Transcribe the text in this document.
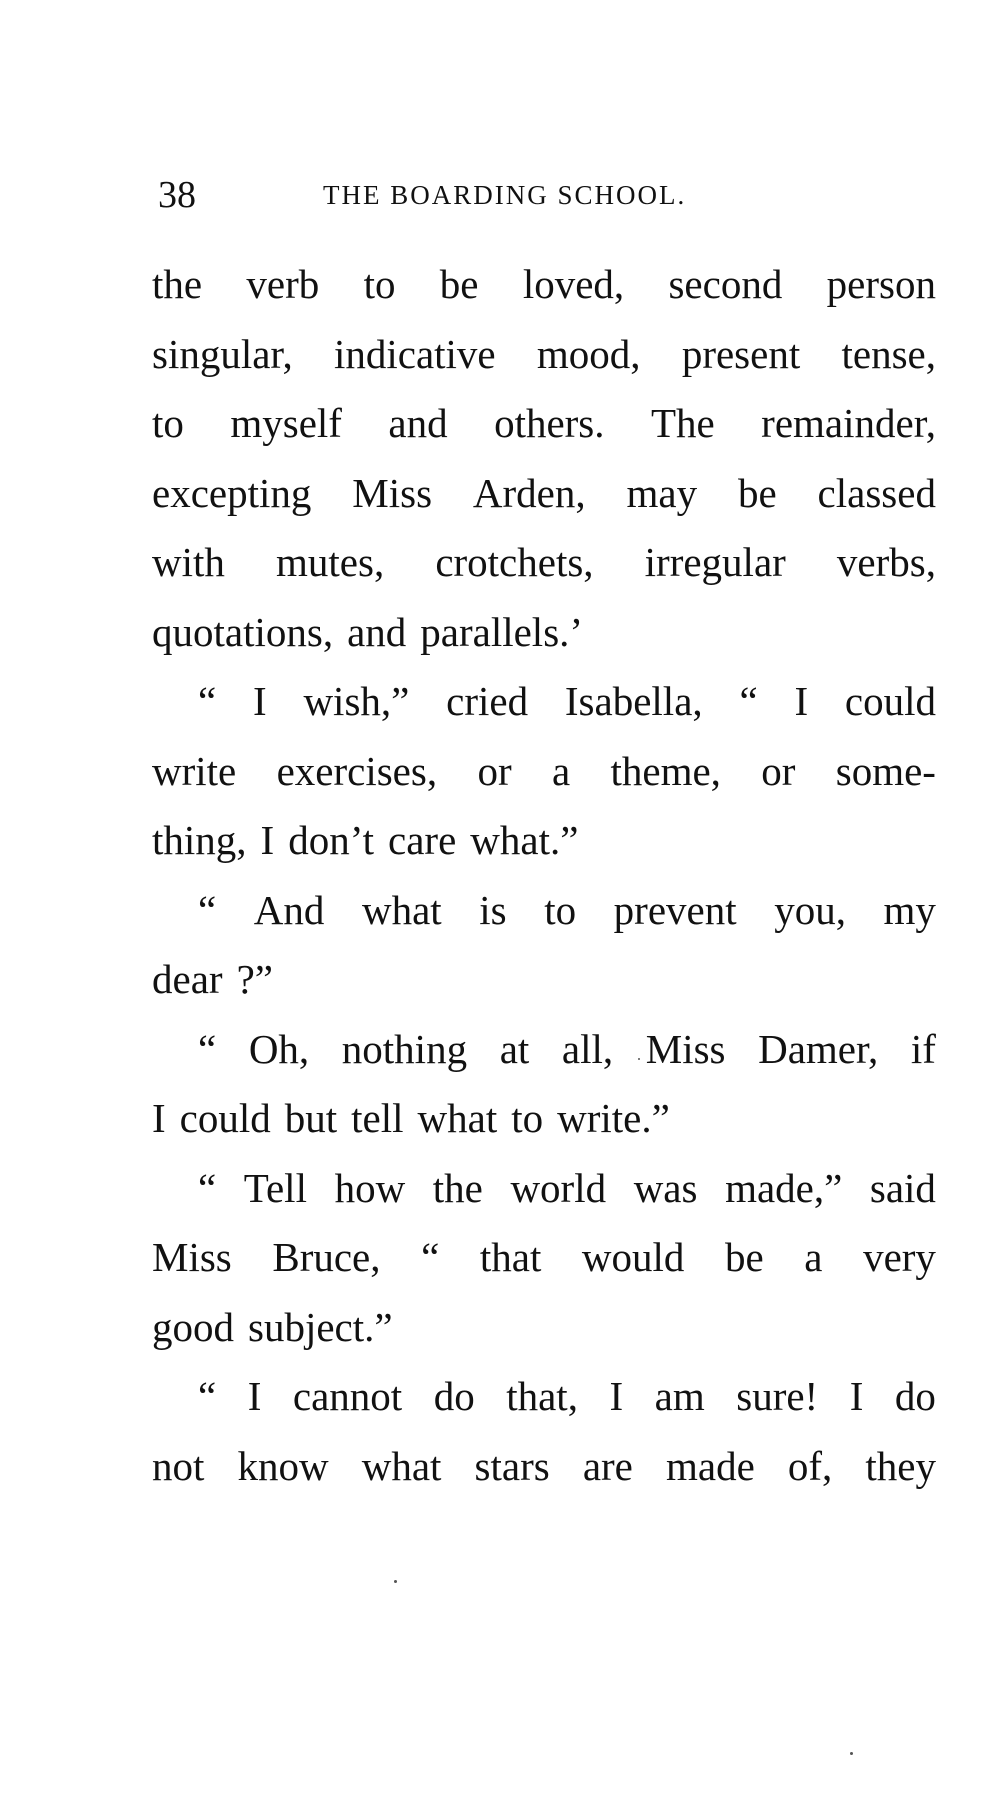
38	THE BOARDING SCHOOL.
the verb to be loved, second person
singular, indicative mood, present tense,
to myself and others. The remainder,
excepting Miss Arden, may be classed
with mutes, crotchets, irregular verbs,
quotations, and parallels.’
“ I wish,” cried Isabella, “ I could
write exercises, or a theme, or some-
thing, I don’t care what.”
“ And what is to prevent you, my
dear ?”
“ Oh, nothing at all, Miss Damer, if
I could but tell what to write.”
“ Tell how the world was made,” said
Miss Bruce, “ that would be a very
good subject.”
“ I cannot do that, I am sure! I do
not know what stars are made of, they
